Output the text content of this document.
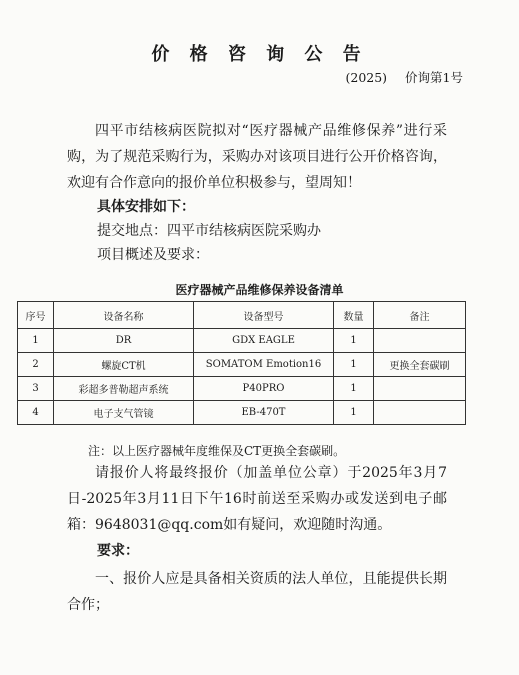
价 格 咨 询 公 告
(2025) 价询第1号
四平市结核病医院拟对“医疗器械产品维修保养”进行采购，为了规范采购行为，采购办对该项目进行公开价格咨询，欢迎有合作意向的报价单位积极参与，望周知！
具体安排如下：
提交地点：四平市结核病医院采购办
项目概述及要求：
医疗器械产品维修保养设备清单
序号	设备名称	设备型号	数量	备注
1	DR	GDX EAGLE	1	
2	螺旋CT机	SOMATOM Emotion16	1	更换全套碳刷
3	彩超多普勒超声系统	P40PRO	1	
4	电子支气管镜	EB-470T	1	
注：以上医疗器械年度维保及CT更换全套碳刷。
请报价人将最终报价（加盖单位公章）于2025年3月7日-2025年3月11日下午16时前送至采购办或发送到电子邮箱：9648031@qq.com如有疑问，欢迎随时沟通。
要求：
一、报价人应是具备相关资质的法人单位，且能提供长期合作；
